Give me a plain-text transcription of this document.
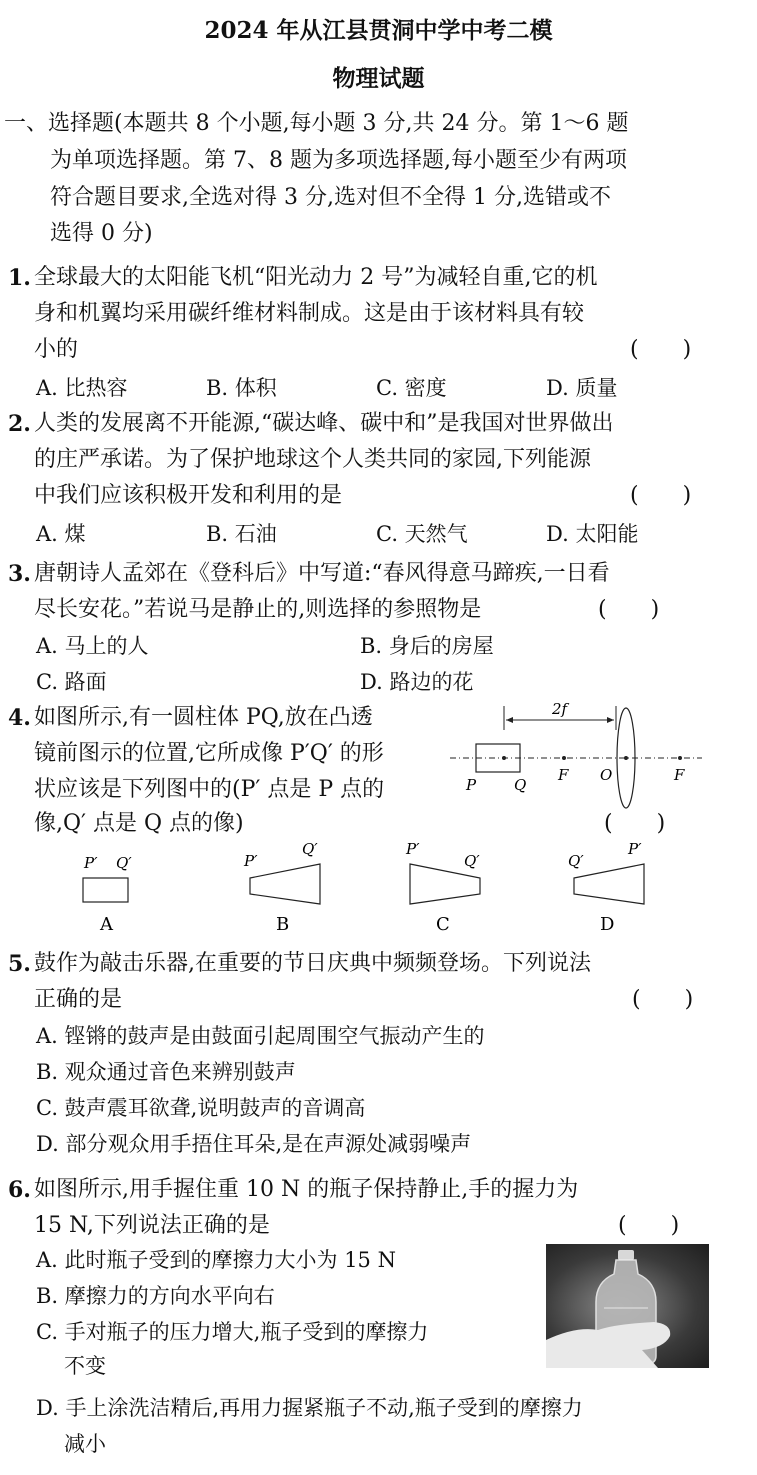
2024 年从江县贯洞中学中考二模
物理试题
一、选择题(本题共 8 个小题,每小题 3 分,共 24 分。第 1～6 题
为单项选择题。第 7、8 题为多项选择题,每小题至少有两项
符合题目要求,全选对得 3 分,选对但不全得 1 分,选错或不
选得 0 分)
1. 全球最大的太阳能飞机“阳光动力 2 号”为减轻自重,它的机
身和机翼均采用碳纤维材料制成。这是由于该材料具有较
小的	(　　)
A. 比热容	B. 体积	C. 密度	D. 质量
2. 人类的发展离不开能源,“碳达峰、碳中和”是我国对世界做出
的庄严承诺。为了保护地球这个人类共同的家园,下列能源
中我们应该积极开发和利用的是	(　　)
A. 煤	B. 石油	C. 天然气	D. 太阳能
3. 唐朝诗人孟郊在《登科后》中写道:“春风得意马蹄疾,一日看
尽长安花。”若说马是静止的,则选择的参照物是	(　　)
A. 马上的人	B. 身后的房屋
C. 路面	D. 路边的花
4. 如图所示,有一圆柱体 PQ,放在凸透
镜前图示的位置,它所成像 P′Q′ 的形
状应该是下列图中的(P′ 点是 P 点的
像,Q′ 点是 Q 点的像)	(　　)
2f
P	Q
F O	F
P′ Q′
A
P′
Q′
B
P′
Q′
C
Q′
P′
D
5. 鼓作为敲击乐器,在重要的节日庆典中频频登场。下列说法
正确的是	(　　)
A. 铿锵的鼓声是由鼓面引起周围空气振动产生的
B. 观众通过音色来辨别鼓声
C. 鼓声震耳欲聋,说明鼓声的音调高
D. 部分观众用手捂住耳朵,是在声源处减弱噪声
6. 如图所示,用手握住重 10 N 的瓶子保持静止,手的握力为
15 N,下列说法正确的是	(　　)
A. 此时瓶子受到的摩擦力大小为 15 N
B. 摩擦力的方向水平向右
C. 手对瓶子的压力增大,瓶子受到的摩擦力
不变
D. 手上涂洗洁精后,再用力握紧瓶子不动,瓶子受到的摩擦力
减小
